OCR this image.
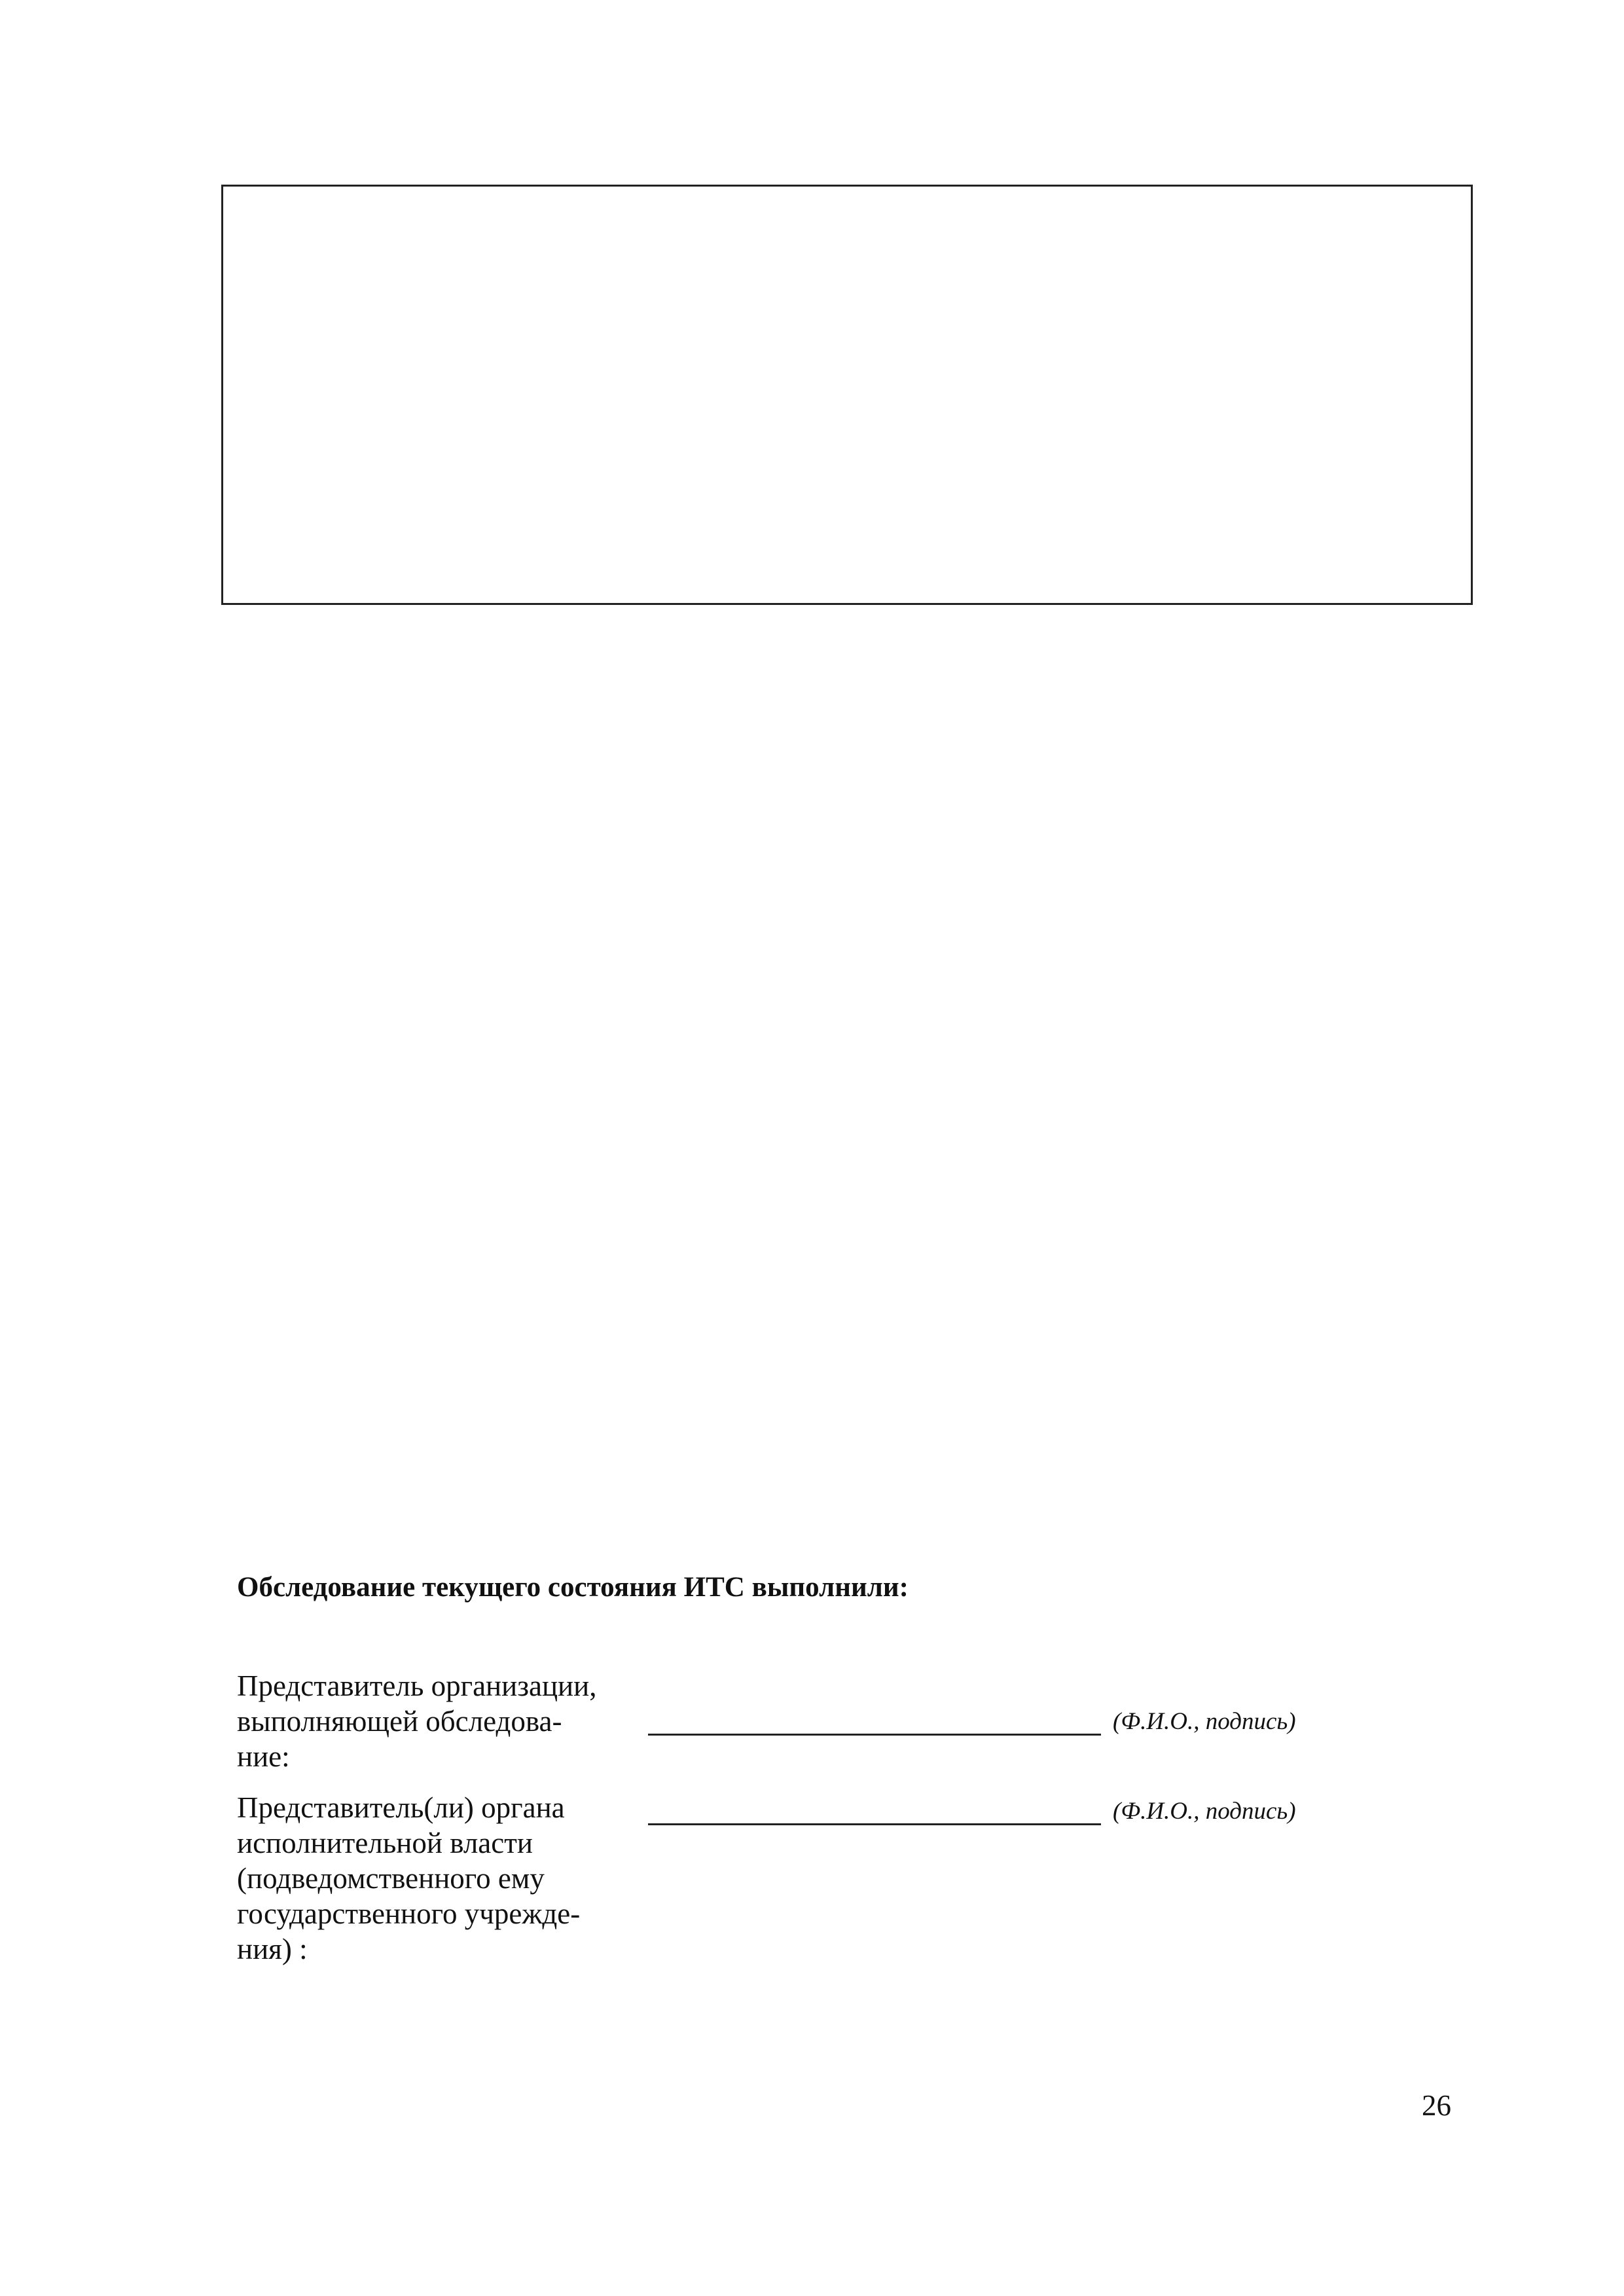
Обследование текущего состояния ИТС выполнили:
Представитель организации,
выполняющей обследова-
ние:
(Ф.И.О., подпись)
Представитель(ли) органа
исполнительной власти
(подведомственного ему
государственного учрежде-
ния) :
(Ф.И.О., подпись)
26
